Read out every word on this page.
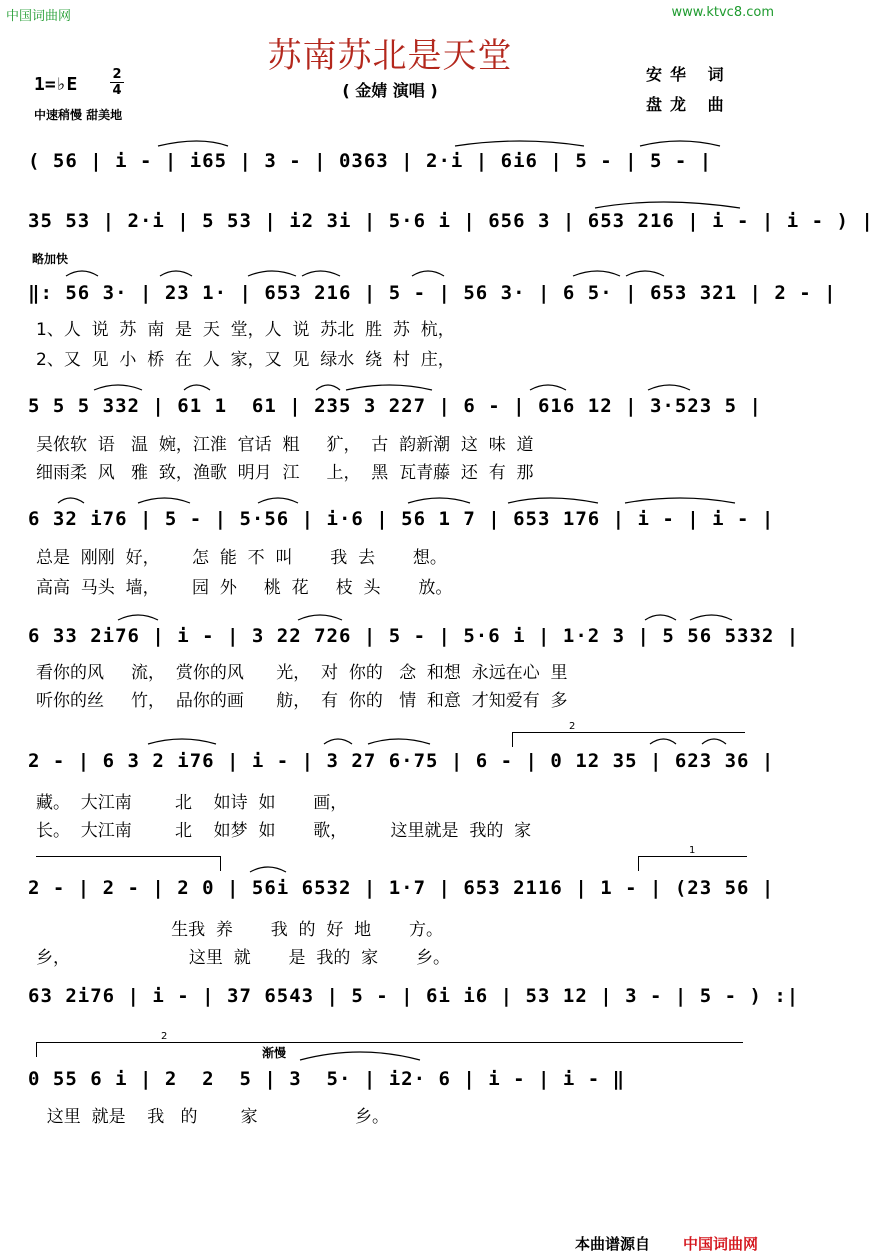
中国词曲网	www.ktvc8.com
苏南苏北是天堂
( 金婧 演唱 )
安华 词
盘龙 曲
1=♭E	2
4
中速稍慢 甜美地
略加快
渐慢
( 56 | i - | i65 | 3 - | 0363 | 2·i | 6i6 | 5 - | 5 - |
35 53 | 2·i | 5 53 | i2 3i | 5·6 i | 656 3 | 653 216 | i - | i - ) |
‖: 56 3· | 23 1· | 653 216 | 5 - | 56 3· | 6 5· | 653 321 | 2 - |
5 5 5 332 | 61 1  61 | 235 3 227 | 6 - | 616 12 | 3·523 5 |
6 32 i76 | 5 - | 5·56 | i·6 | 56 1 7 | 653 176 | i - | i - |
6 33 2i76 | i - | 3 22 726 | 5 - | 5·6 i | 1·2 3 | 5 56 5332 |
2 - | 6 3 2 i76 | i - | 3 27 6·75 | 6 - | 0 12 35 | 623 36 |
2 - | 2 - | 2 0 | 56i 6532 | 1·7 | 653 2116 | 1 - | (23 56 |
63 2i76 | i - | 37 6543 | 5 - | 6i i6 | 53 12 | 3 - | 5 - ) :|
0 55 6 i | 2  2  5 | 3  5· | i2· 6 | i - | i - ‖
1、人  说  苏  南  是  天  堂，人  说  苏北  胜  苏  杭，
2、又  见  小  桥  在  人  家，又  见  绿水  绕  村  庄，
吴侬软  语   温  婉，江淮  官话  粗     犷，  古  韵新潮  这  味  道
细雨柔  风   雅  致，渔歌  明月  江     上，  黑  瓦青藤  还  有  那
总是  刚刚  好，      怎  能  不  叫       我  去       想。
高高  马头  墙，      园  外     桃  花     枝  头       放。
看你的风     流，  赏你的风      光，  对  你的   念  和想  永远在心  里
听你的丝     竹，  品你的画      舫，  有  你的   情  和意  才知爱有  多
藏。  大江南        北    如诗  如       画，
长。  大江南        北    如梦  如       歌，        这里就是  我的  家
生我  养       我  的  好  地       方。
乡，                      这里  就       是  我的  家       乡。
这里  就是    我   的        家                  乡。
2
1
2
本曲谱源自 中国词曲网
